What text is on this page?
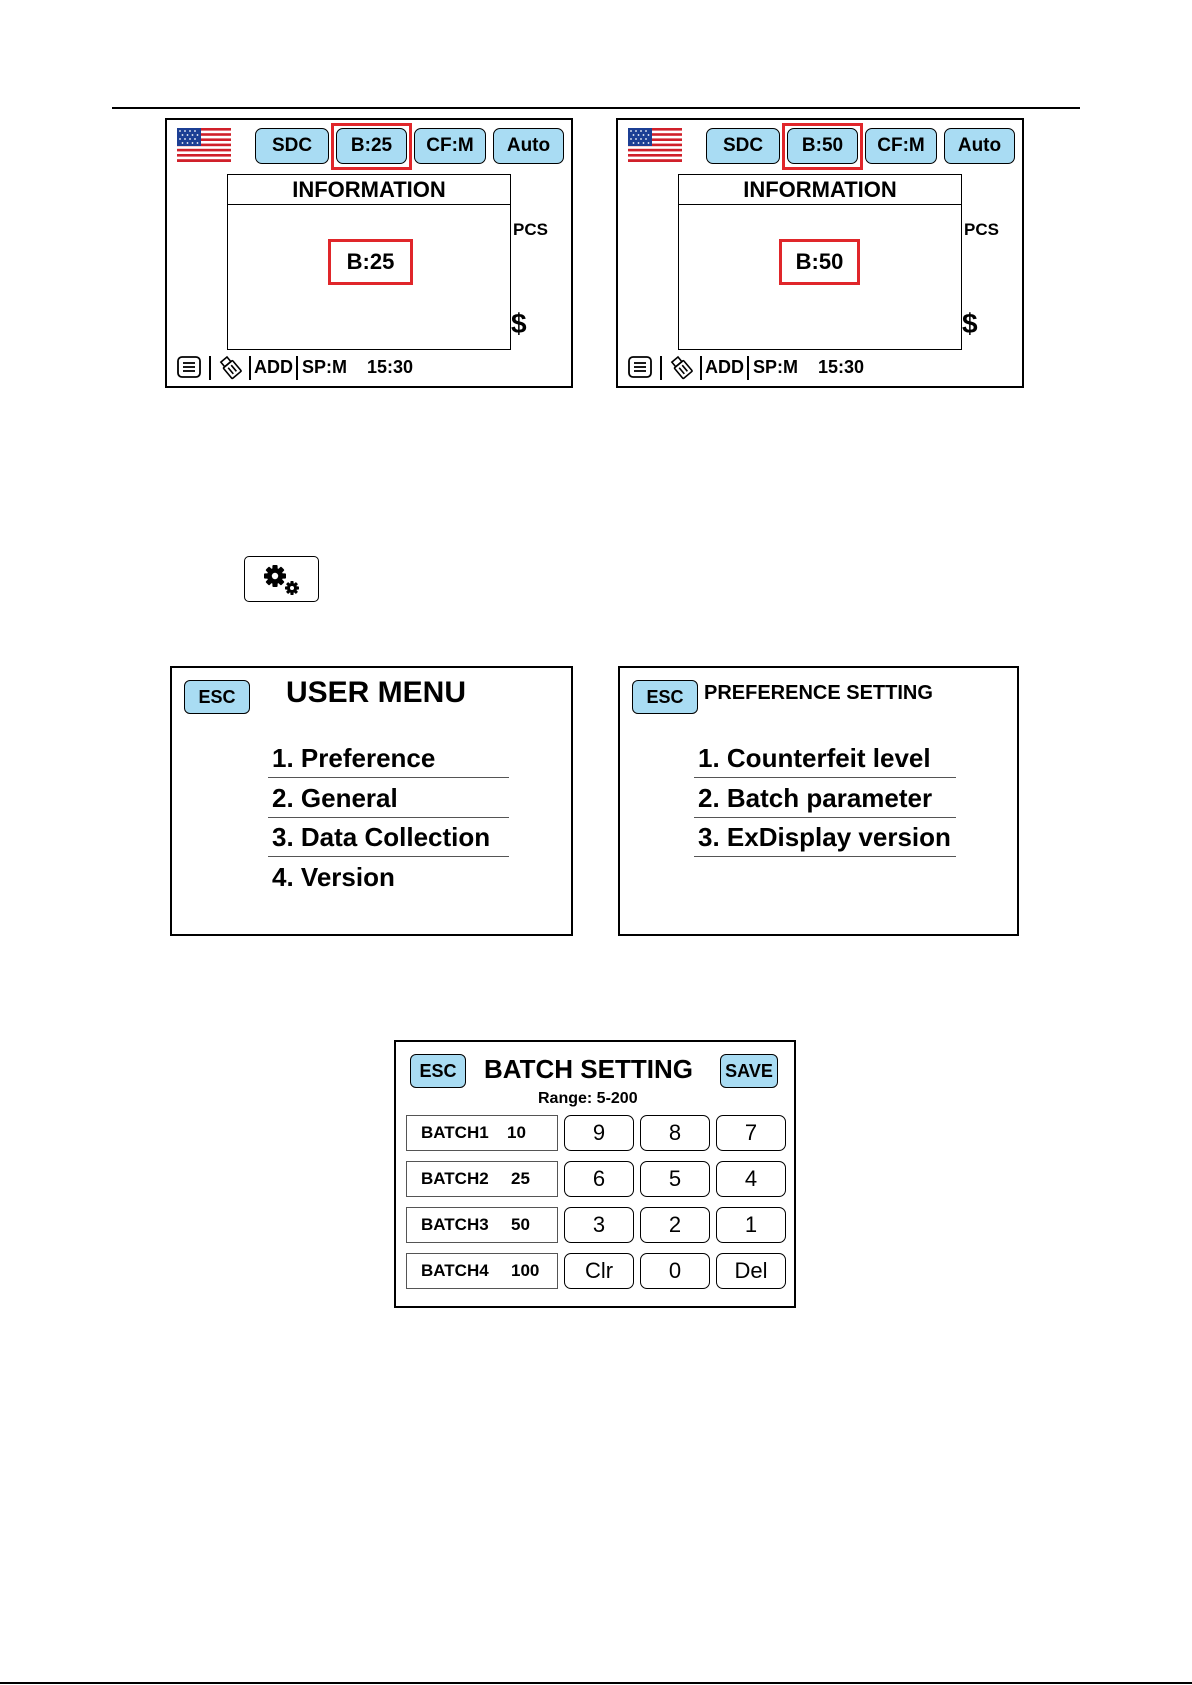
SDC	B:25	CF:M	Auto
INFORMATION
B:25
PCS
$
ADD SP:M 15:30
SDC	B:50	CF:M	Auto
INFORMATION
B:50
PCS
$
ADD SP:M 15:30
ESC	USER MENU
1. Preference
2. General
3. Data Collection
4. Version
ESC	PREFERENCE SETTING
1. Counterfeit level
2. Batch parameter
3. ExDisplay version
ESC	BATCH SETTING SAVE
Range: 5-200
BATCH1 10
BATCH2 25
BATCH3 50
BATCH4 100
9	8	7
6	5	4
3	2	1
Clr	0	Del
